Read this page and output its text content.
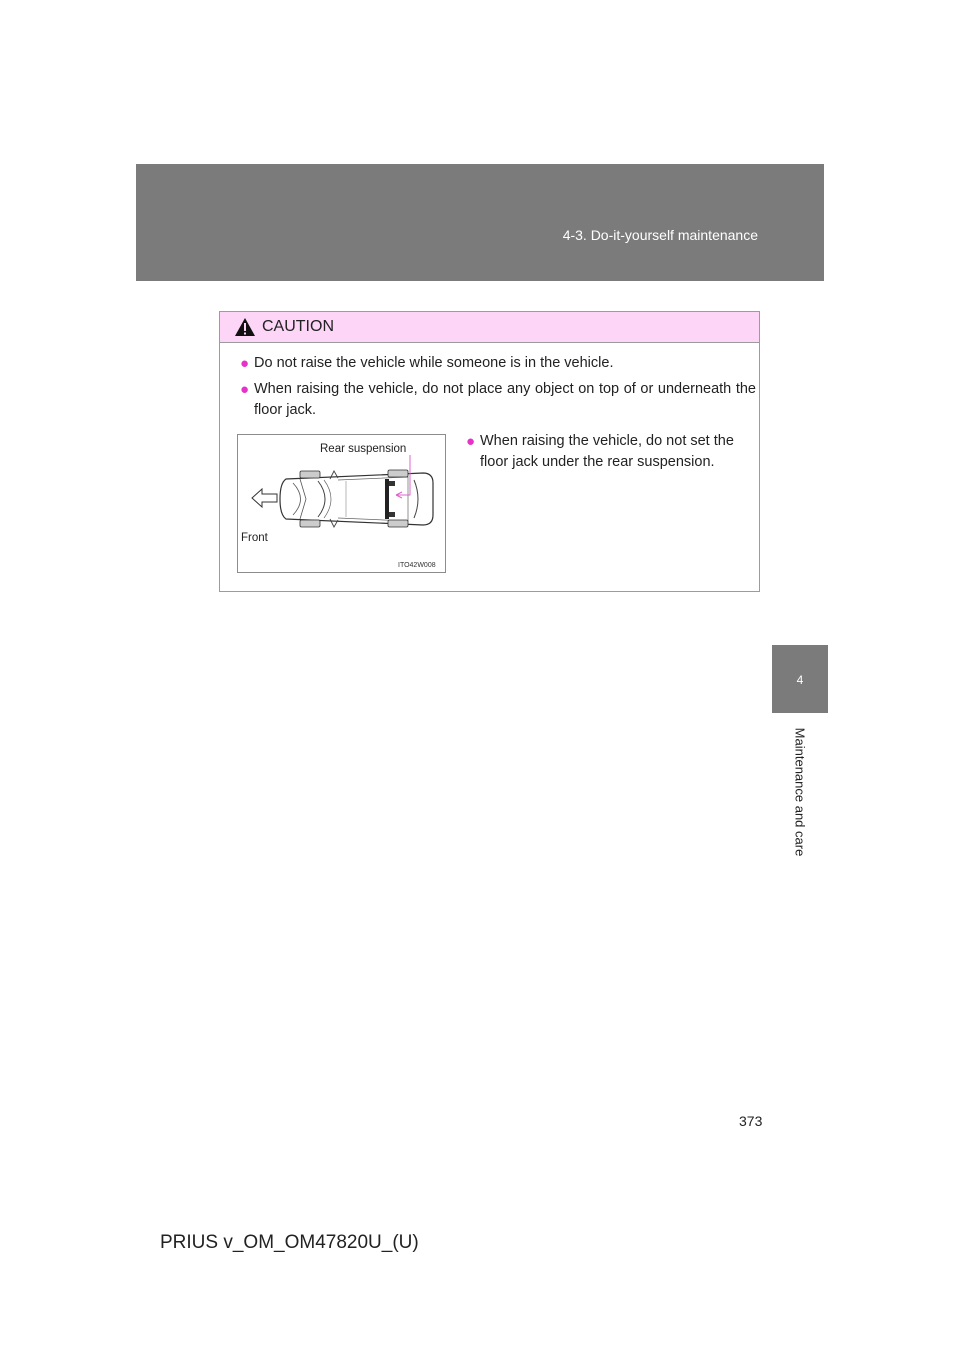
4-3. Do-it-yourself maintenance
4
Maintenance and care
CAUTION
● Do not raise the vehicle while someone is in the vehicle.
● When raising the vehicle, do not place any object on top of or underneath the floor jack.
● When raising the vehicle, do not set the floor jack under the rear suspension.
Rear suspension
Front
ITO42W008
373
PRIUS v_OM_OM47820U_(U)
